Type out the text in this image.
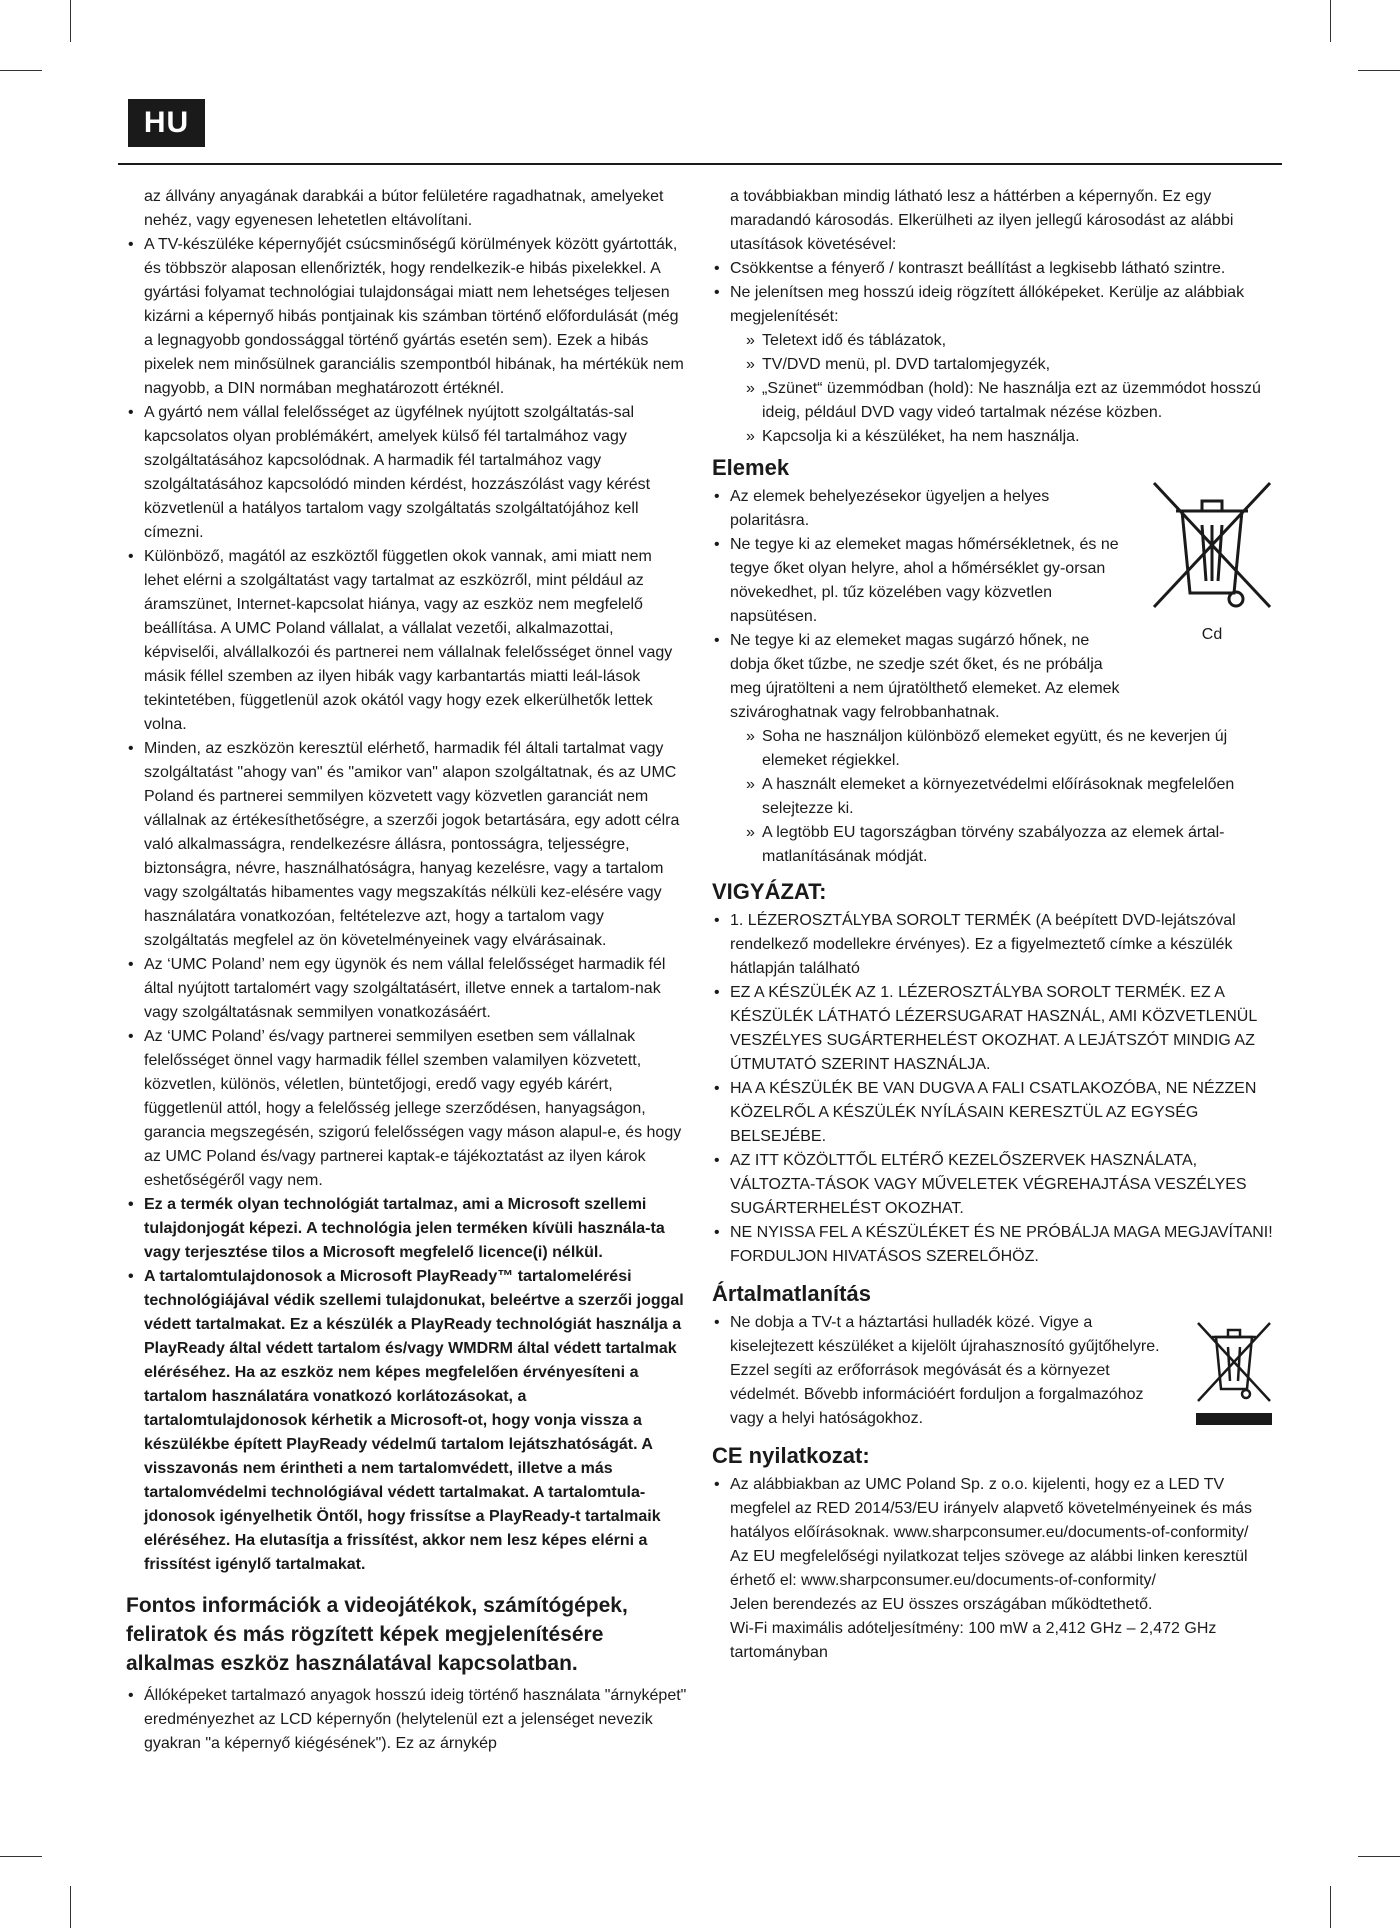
HU

az állvány anyagának darabkái a bútor felületére ragadhatnak, amelyeket nehéz, vagy egyenesen lehetetlen eltávolítani.

• A TV-készüléke képernyőjét csúcsminőségű körülmények között gyártották, és többször alaposan ellenőrizték, hogy rendelkezik-e hibás pixelekkel. A gyártási folyamat technológiai tulajdonságai miatt nem lehetséges teljesen kizárni a képernyő hibás pontjainak kis számban történő előfordulását (még a legnagyobb gondossággal történő gyártás esetén sem). Ezek a hibás pixelek nem minősülnek garanciális szempontból hibának, ha mértékük nem nagyobb, a DIN normában meghatározott értéknél.
• A gyártó nem vállal felelősséget az ügyfélnek nyújtott szolgáltatás-sal kapcsolatos olyan problémákért, amelyek külső fél tartalmához vagy szolgáltatásához kapcsolódnak. A harmadik fél tartalmához vagy szolgáltatásához kapcsolódó minden kérdést, hozzászólást vagy kérést közvetlenül a hatályos tartalom vagy szolgáltatás szolgáltatójához kell címezni.
• Különböző, magától az eszköztől független okok vannak, ami miatt nem lehet elérni a szolgáltatást vagy tartalmat az eszközről, mint például az áramszünet, Internet-kapcsolat hiánya, vagy az eszköz nem megfelelő beállítása. A UMC Poland vállalat, a vállalat vezetői, alkalmazottai, képviselői, alvállalkozói és partnerei nem vállalnak felelősséget önnel vagy másik féllel szemben az ilyen hibák vagy karbantartás miatti leál-lások tekintetében, függetlenül azok okától vagy hogy ezek elkerülhetők lettek volna.
• Minden, az eszközön keresztül elérhető, harmadik fél általi tartalmat vagy szolgáltatást "ahogy van" és "amikor van" alapon szolgáltatnak, és az UMC Poland és partnerei semmilyen közvetett vagy közvetlen garanciát nem vállalnak az értékesíthetőségre, a szerzői jogok betartására, egy adott célra való alkalmasságra, rendelkezésre állásra, pontosságra, teljességre, biztonságra, névre, használhatóságra, hanyag kezelésre, vagy a tartalom vagy szolgáltatás hibamentes vagy megszakítás nélküli kez-elésére vagy használatára vonatkozóan, feltételezve azt, hogy a tartalom vagy szolgáltatás megfelel az ön követelményeinek vagy elvárásainak.
• Az ‘UMC Poland’ nem egy ügynök és nem vállal felelősséget harmadik fél által nyújtott tartalomért vagy szolgáltatásért, illetve ennek a tartalom-nak vagy szolgáltatásnak semmilyen vonatkozásáért.
• Az ‘UMC Poland’ és/vagy partnerei semmilyen esetben sem vállalnak felelősséget önnel vagy harmadik féllel szemben valamilyen közvetett, közvetlen, különös, véletlen, büntetőjogi, eredő vagy egyéb kárért, függetlenül attól, hogy a felelősség jellege szerződésen, hanyagságon, garancia megszegésén, szigorú felelősségen vagy máson alapul-e, és hogy az UMC Poland és/vagy partnerei kaptak-e tájékoztatást az ilyen károk eshetőségéről vagy nem.
• Ez a termék olyan technológiát tartalmaz, ami a Microsoft szellemi tulajdonjogát képezi. A technológia jelen terméken kívüli használa-ta vagy terjesztése tilos a Microsoft megfelelő licence(i) nélkül.
• A tartalomtulajdonosok a Microsoft PlayReady™ tartalomelérési technológiájával védik szellemi tulajdonukat, beleértve a szerzői joggal védett tartalmakat. Ez a készülék a PlayReady technológiát használja a PlayReady által védett tartalom és/vagy WMDRM által védett tartalmak eléréséhez. Ha az eszköz nem képes megfelelően érvényesíteni a tartalom használatára vonatkozó korlátozásokat, a tartalomtulajdonosok kérhetik a Microsoft-ot, hogy vonja vissza a készülékbe épített PlayReady védelmű tartalom lejátszhatóságát. A visszavonás nem érintheti a nem tartalomvédett, illetve a más tartalomvédelmi technológiával védett tartalmakat. A tartalomtula-jdonosok igényelhetik Öntől, hogy frissítse a PlayReady-t tartalmaik eléréséhez. Ha elutasítja a frissítést, akkor nem lesz képes elérni a frissítést igénylő tartalmakat.
Fontos információk a videojátékok, számítógépek, feliratok és más rögzített képek megjelenítésére alkalmas eszköz használatával kapcsolatban.
• Állóképeket tartalmazó anyagok hosszú ideig történő használata "árnyképet" eredményezhet az LCD képernyőn (helytelenül ezt a jelenséget nevezik gyakran "a képernyő kiégésének"). Ez az árnykép

a továbbiakban mindig látható lesz a háttérben a képernyőn. Ez egy maradandó károsodás. Elkerülheti az ilyen jellegű károsodást az alábbi utasítások követésével:

• Csökkentse a fényerő / kontraszt beállítást a legkisebb látható szintre.
• Ne jelenítsen meg hosszú ideig rögzített állóképeket. Kerülje az alábbiak megjelenítését:
» Teletext idő és táblázatok,
» TV/DVD menü, pl. DVD tartalomjegyzék,
» „Szünet“ üzemmódban (hold): Ne használja ezt az üzemmódot hosszú ideig, például DVD vagy videó tartalmak nézése közben.
» Kapcsolja ki a készüléket, ha nem használja.
Elemek
Cd
• Az elemek behelyezésekor ügyeljen a helyes polaritásra.
• Ne tegye ki az elemeket magas hőmérsékletnek, és ne tegye őket olyan helyre, ahol a hőmérséklet gy-orsan növekedhet, pl. tűz közelében vagy közvetlen napsütésen.
• Ne tegye ki az elemeket magas sugárzó hőnek, ne dobja őket tűzbe, ne szedje szét őket, és ne próbálja meg újratölteni a nem újratölthető elemeket. Az elemek szivároghatnak vagy felrobbanhatnak.
» Soha ne használjon különböző elemeket együtt, és ne keverjen új elemeket régiekkel.
» A használt elemeket a környezetvédelmi előírásoknak megfelelően selejtezze ki.
» A legtöbb EU tagországban törvény szabályozza az elemek ártal-matlanításának módját.
VIGYÁZAT:
• 1. LÉZEROSZTÁLYBA SOROLT TERMÉK (A beépített DVD-lejátszóval rendelkező modellekre érvényes). Ez a figyelmeztető címke a készülék hátlapján található
• EZ A KÉSZÜLÉK AZ 1. LÉZEROSZTÁLYBA SOROLT TERMÉK. EZ A KÉSZÜLÉK LÁTHATÓ LÉZERSUGARAT HASZNÁL, AMI KÖZVETLENÜL VESZÉLYES SUGÁRTERHELÉST OKOZHAT. A LEJÁTSZÓT MINDIG AZ ÚTMUTATÓ SZERINT HASZNÁLJA.
• HA A KÉSZÜLÉK BE VAN DUGVA A FALI CSATLAKOZÓBA, NE NÉZZEN KÖZELRŐL A KÉSZÜLÉK NYÍLÁSAIN KERESZTÜL AZ EGYSÉG BELSEJÉBE.
• AZ ITT KÖZÖLTTŐL ELTÉRŐ KEZELŐSZERVEK HASZNÁLATA, VÁLTOZTA-TÁSOK VAGY MŰVELETEK VÉGREHAJTÁSA VESZÉLYES SUGÁRTERHELÉST OKOZHAT.
• NE NYISSA FEL A KÉSZÜLÉKET ÉS NE PRÓBÁLJA MAGA MEGJAVÍTANI! FORDULJON HIVATÁSOS SZERELŐHÖZ.
Ártalmatlanítás
• Ne dobja a TV-t a háztartási hulladék közé. Vigye a kiselejtezett készüléket a kijelölt újrahasznosító gyűjtőhelyre. Ezzel segíti az erőforrások megóvását és a környezet védelmét. Bővebb információért forduljon a forgalmazóhoz vagy a helyi hatóságokhoz.
CE nyilatkozat:
• Az alábbiakban az UMC Poland Sp. z o.o. kijelenti, hogy ez a LED TV megfelel az RED 2014/53/EU irányelv alapvető követelményeinek és más hatályos előírásoknak. www.sharpconsumer.eu/documents-of-conformity/
Az EU megfelelőségi nyilatkozat teljes szövege az alábbi linken keresztül érhető el: www.sharpconsumer.eu/documents-of-conformity/
Jelen berendezés az EU összes országában működtethető.
Wi-Fi maximális adóteljesítmény: 100 mW a 2,412 GHz – 2,472 GHz tartományban
